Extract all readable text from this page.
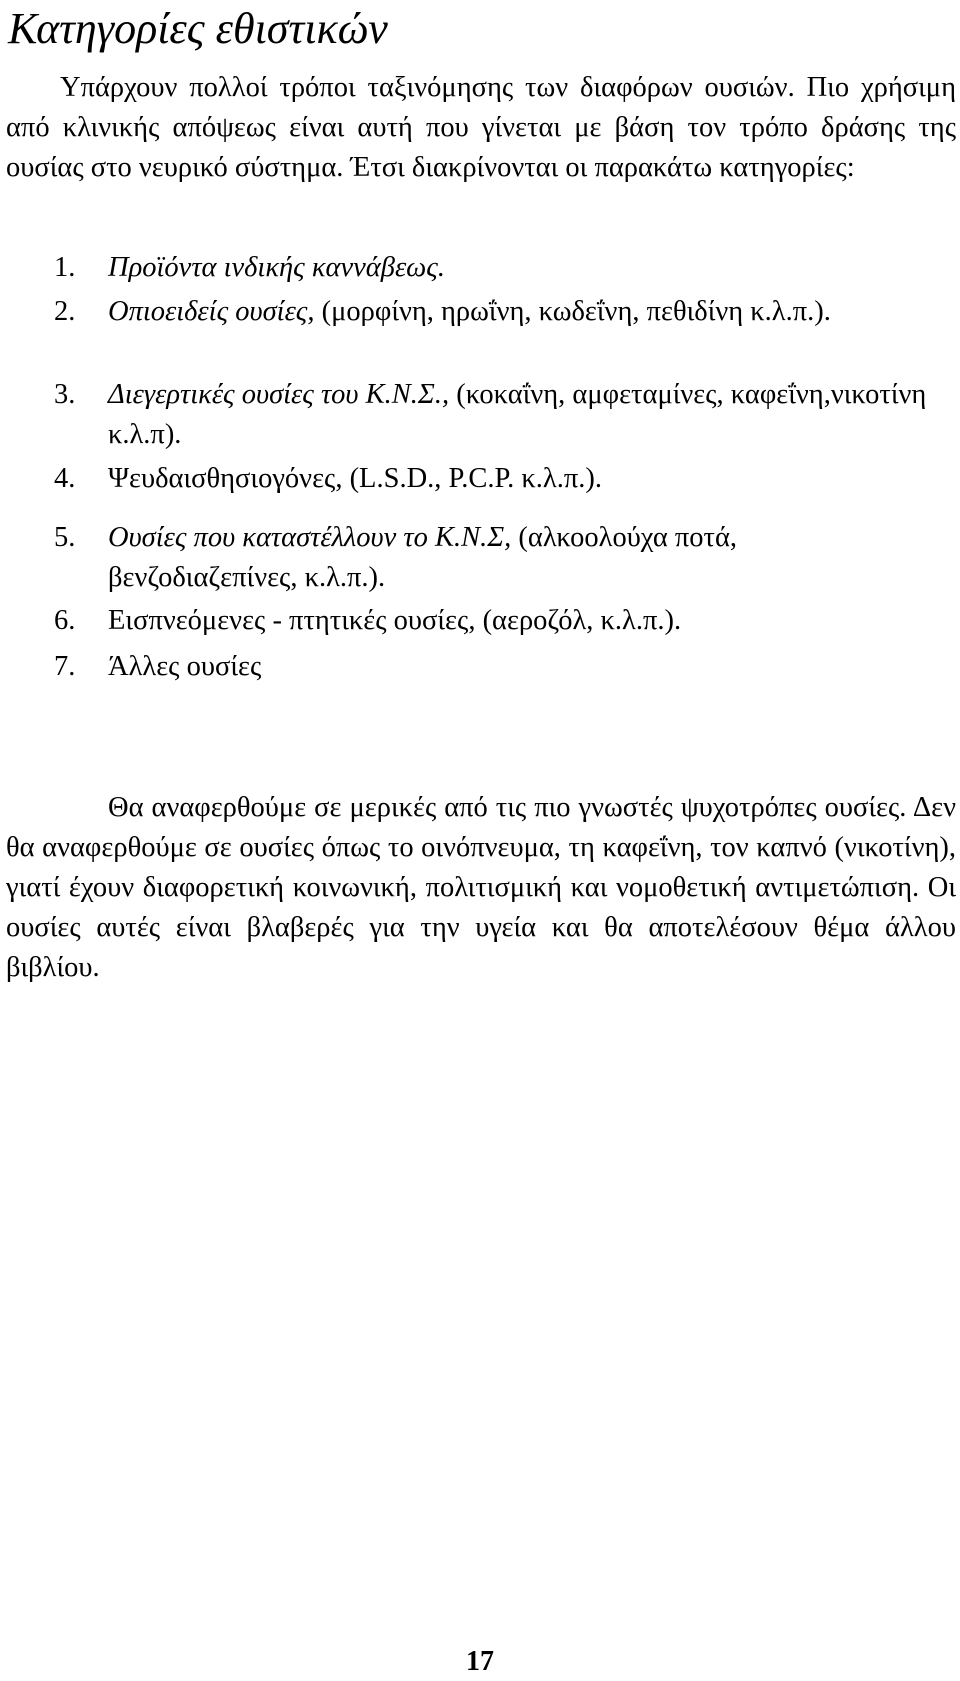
Κατηγορίες εθιστικών

Υπάρχουν πολλοί τρόποι ταξινόμησης των διαφόρων ουσιών. Πιο χρήσιμη από κλινικής απόψεως είναι αυτή που γίνεται με βάση τον τρόπο δράσης της ουσίας στο νευρικό σύστημα. Έτσι διακρίνονται οι παρακάτω κατηγορίες:

1. Προϊόντα ινδικής καννάβεως.
2. Οπιοειδείς ουσίες, (μορφίνη, ηρωΐνη, κωδεΐνη, πεθιδίνη κ.λ.π.).
3. Διεγερτικές ουσίες του Κ.Ν.Σ., (κοκαΐνη, αμφεταμίνες, καφεΐνη,νικοτίνη κ.λ.π).
4. Ψευδαισθησιογόνες, (L.S.D., P.C.P. κ.λ.π.).
5. Ουσίες που καταστέλλουν το Κ.Ν.Σ, (αλκοολούχα ποτά, βενζοδιαζεπίνες, κ.λ.π.).
6. Εισπνεόμενες - πτητικές ουσίες, (αεροζόλ, κ.λ.π.).
7. Άλλες ουσίες

Θα αναφερθούμε σε μερικές από τις πιο γνωστές ψυχοτρόπες ουσίες. Δεν θα αναφερθούμε σε ουσίες όπως το οινόπνευμα, τη καφεΐνη, τον καπνό (νικοτίνη), γιατί έχουν διαφορετική κοινωνική, πολιτισμική και νομοθετική αντιμετώπιση. Οι ουσίες αυτές είναι βλαβερές για την υγεία και θα αποτελέσουν θέμα άλλου βιβλίου.

17
